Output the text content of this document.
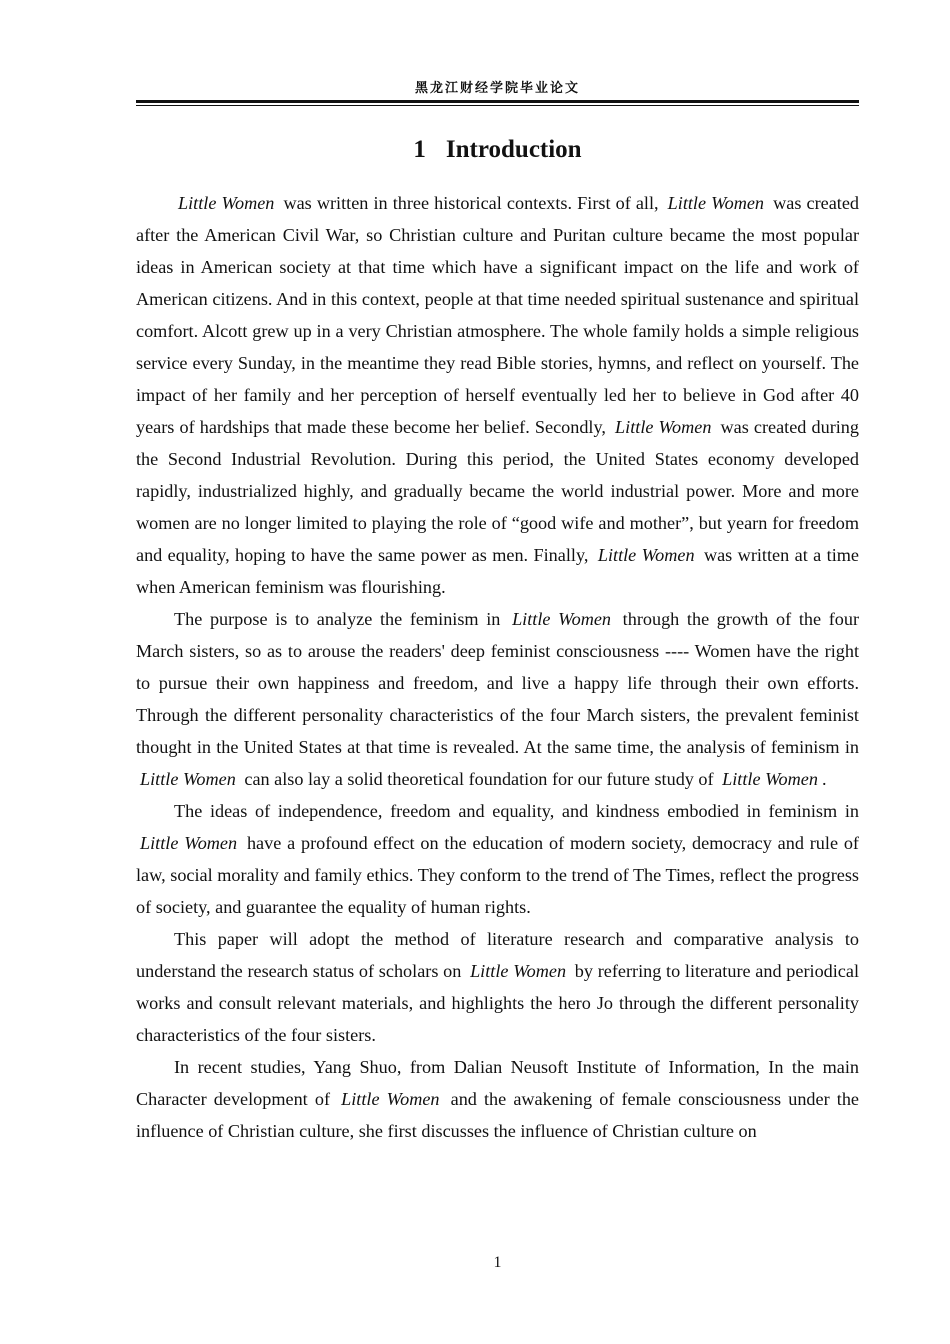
黑龙江财经学院毕业论文
1 Introduction

Little Women was written in three historical contexts. First of all, Little Women was created after the American Civil War, so Christian culture and Puritan culture became the most popular ideas in American society at that time which have a significant impact on the life and work of American citizens. And in this context, people at that time needed spiritual sustenance and spiritual comfort. Alcott grew up in a very Christian atmosphere. The whole family holds a simple religious service every Sunday, in the meantime they read Bible stories, hymns, and reflect on yourself. The impact of her family and her perception of herself eventually led her to believe in God after 40 years of hardships that made these become her belief. Secondly, Little Women was created during the Second Industrial Revolution. During this period, the United States economy developed rapidly, industrialized highly, and gradually became the world industrial power. More and more women are no longer limited to playing the role of “good wife and mother”, but yearn for freedom and equality, hoping to have the same power as men. Finally, Little Women was written at a time when American feminism was flourishing.

The purpose is to analyze the feminism in Little Women through the growth of the four March sisters, so as to arouse the readers' deep feminist consciousness ---- Women have the right to pursue their own happiness and freedom, and live a happy life through their own efforts. Through the different personality characteristics of the four March sisters, the prevalent feminist thought in the United States at that time is revealed. At the same time, the analysis of feminism in Little Women can also lay a solid theoretical foundation for our future study of Little Women .

The ideas of independence, freedom and equality, and kindness embodied in feminism in Little Women have a profound effect on the education of modern society, democracy and rule of law, social morality and family ethics. They conform to the trend of The Times, reflect the progress of society, and guarantee the equality of human rights.

This paper will adopt the method of literature research and comparative analysis to understand the research status of scholars on Little Women by referring to literature and periodical works and consult relevant materials, and highlights the hero Jo through the different personality characteristics of the four sisters.

In recent studies, Yang Shuo, from Dalian Neusoft Institute of Information, In the main Character development of Little Women and the awakening of female consciousness under the influence of Christian culture, she first discusses the influence of Christian culture on

1
